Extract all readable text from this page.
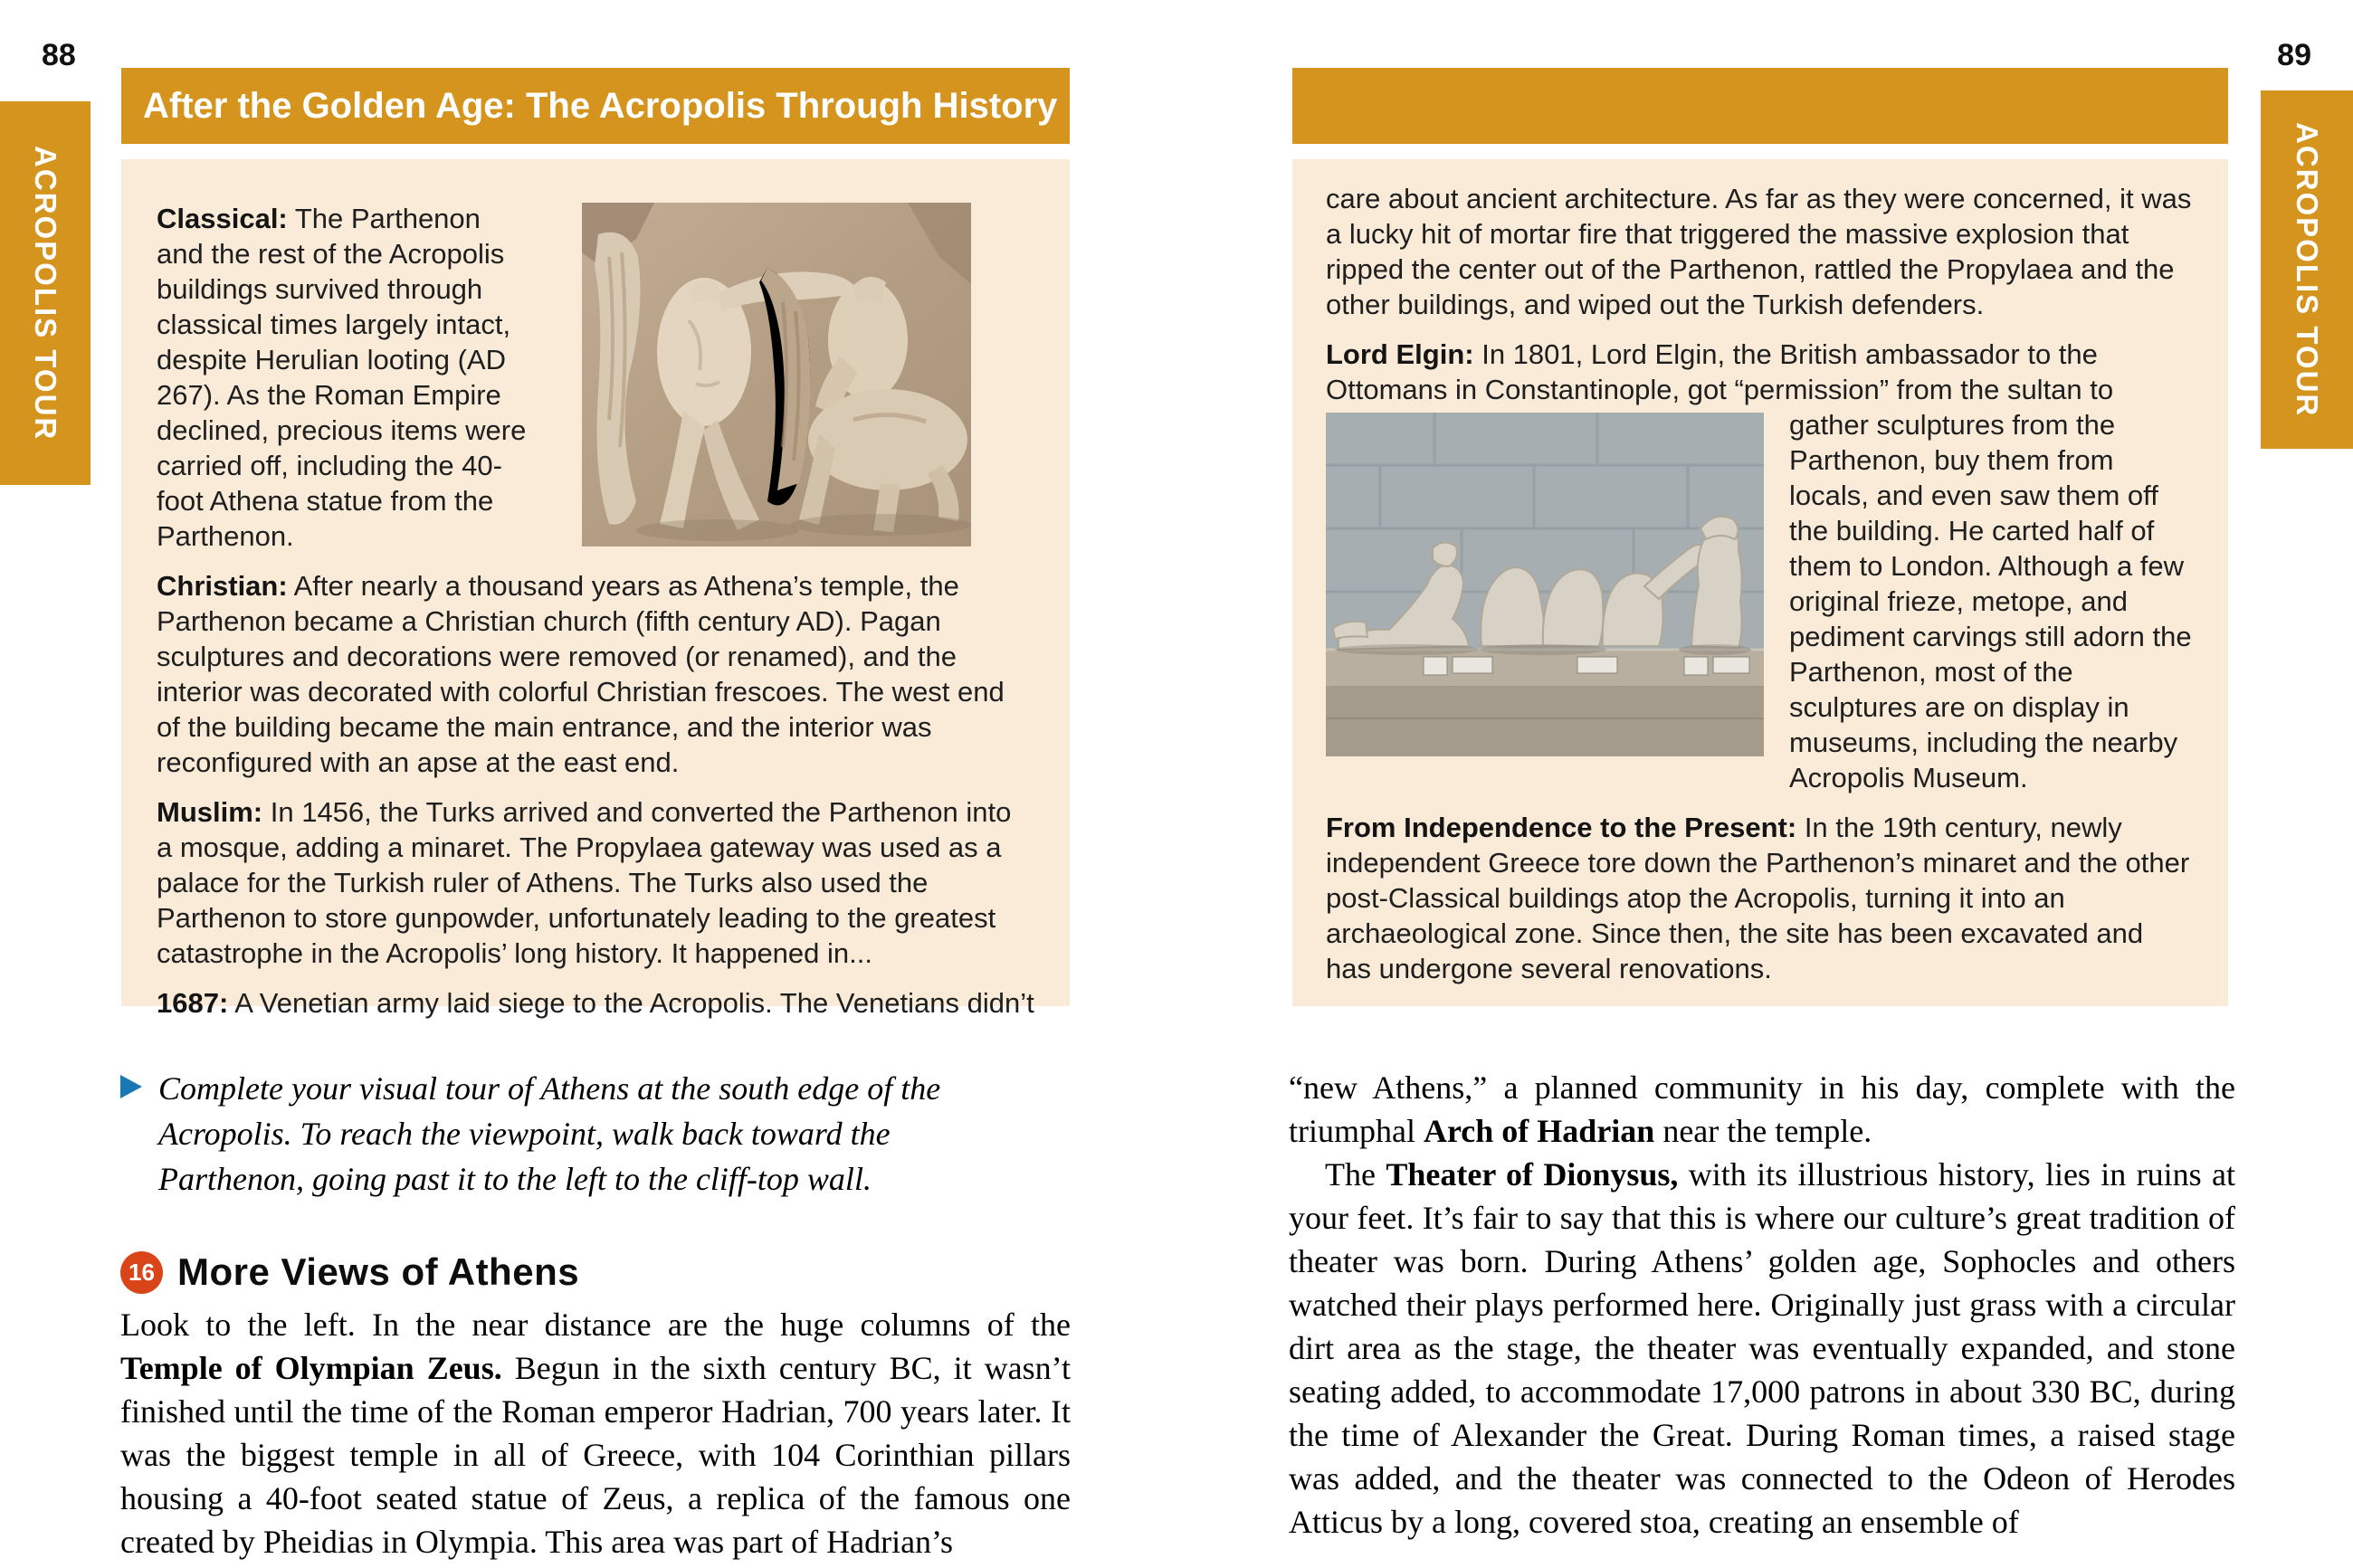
88	89
ACROPOLIS TOUR	ACROPOLIS TOUR
After the Golden Age: The Acropolis Through History

Classical: The Parthenon and the rest of the Acropolis buildings survived through classical times largely intact, despite Herulian looting (AD 267). As the Roman Empire declined, precious items were carried off, including the 40-foot Athena statue from the Parthenon.

Christian: After nearly a thousand years as Athena’s temple, the Parthenon became a Christian church (fifth century AD). Pagan sculptures and decorations were removed (or renamed), and the interior was decorated with colorful Christian frescoes. The west end of the building became the main entrance, and the interior was reconfigured with an apse at the east end.

Muslim: In 1456, the Turks arrived and converted the Parthenon into a mosque, adding a minaret. The Propylaea gateway was used as a palace for the Turkish ruler of Athens. The Turks also used the Parthenon to store gunpowder, unfortunately leading to the greatest catastrophe in the Acropolis’ long history. It happened in...

1687: A Venetian army laid siege to the Acropolis. The Venetians didn’t

care about ancient architecture. As far as they were concerned, it was a lucky hit of mortar fire that triggered the massive explosion that ripped the center out of the Parthenon, rattled the Propylaea and the other buildings, and wiped out the Turkish defenders.

Lord Elgin: In 1801, Lord Elgin, the British ambassador to the Ottomans in Constantinople, got “permission” from the sultan to gather
sculptures from the Parthenon, buy them from locals, and even saw them off the building. He carted half of them to London. Although a few original frieze, metope, and pediment carvings still adorn the Parthenon, most of the sculptures are on display in museums, including the nearby Acropolis Museum.

From Independence to the Present: In the 19th century, newly independent Greece tore down the Parthenon’s minaret and the other post-Classical buildings atop the Acropolis, turning it into an archaeological zone. Since then, the site has been excavated and has undergone several renovations.

Complete your visual tour of Athens at the south edge of the Acropolis. To reach the viewpoint, walk back toward the Parthenon, going past it to the left to the cliff-top wall.

16 More Views of Athens

Look to the left. In the near distance are the huge columns of the Temple of Olympian Zeus. Begun in the sixth century BC, it wasn’t finished until the time of the Roman emperor Hadrian, 700 years later. It was the biggest temple in all of Greece, with 104 Corinthian pillars housing a 40-foot seated statue of Zeus, a replica of the famous one created by Pheidias in Olympia. This area was part of Hadrian’s

“new Athens,” a planned community in his day, complete with the triumphal Arch of Hadrian near the temple.

The Theater of Dionysus, with its illustrious history, lies in ruins at your feet. It’s fair to say that this is where our culture’s great tradition of theater was born. During Athens’ golden age, Sophocles and others watched their plays performed here. Originally just grass with a circular dirt area as the stage, the theater was eventually expanded, and stone seating added, to accommodate 17,000 patrons in about 330 BC, during the time of Alexander the Great. During Roman times, a raised stage was added, and the theater was connected to the Odeon of Herodes Atticus by a long, covered stoa, creating an ensemble of
